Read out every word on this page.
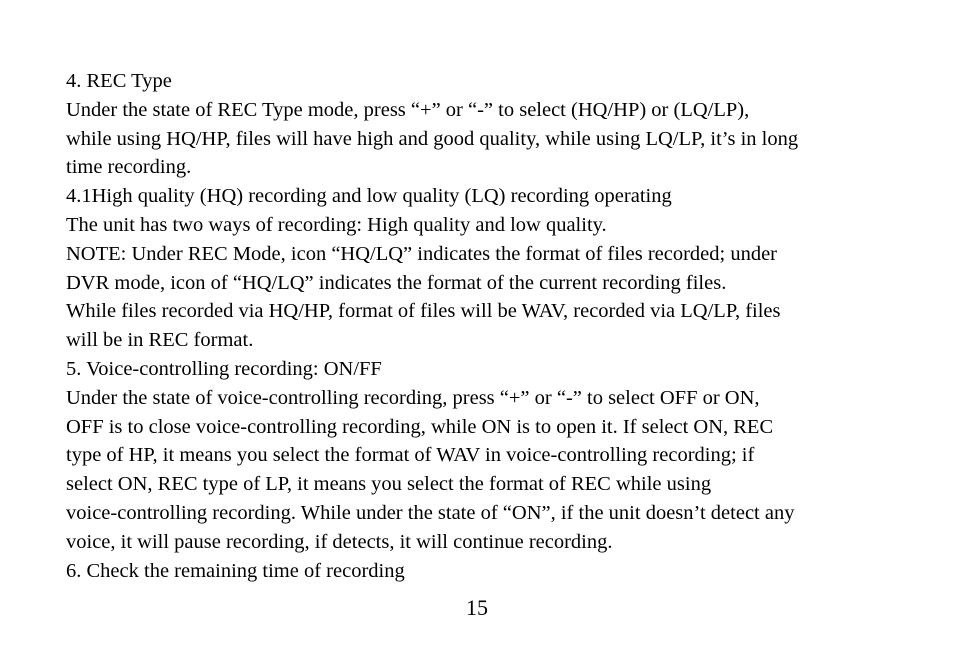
4. REC Type
Under the state of REC Type mode, press “+” or “-” to select (HQ/HP) or (LQ/LP),
while using HQ/HP, files will have high and good quality, while using LQ/LP, it’s in long
time recording.
4.1High quality (HQ) recording and low quality (LQ) recording operating
The unit has two ways of recording: High quality and low quality.
NOTE: Under REC Mode, icon “HQ/LQ” indicates the format of files recorded; under
DVR mode, icon of “HQ/LQ” indicates the format of the current recording files.
While files recorded via HQ/HP, format of files will be WAV, recorded via LQ/LP, files
will be in REC format.
5. Voice-controlling recording: ON/FF
Under the state of voice-controlling recording, press “+” or “-” to select OFF or ON,
OFF is to close voice-controlling recording, while ON is to open it. If select ON, REC
type of HP, it means you select the format of WAV in voice-controlling recording; if
select ON, REC type of LP, it means you select the format of REC while using
voice-controlling recording. While under the state of “ON”, if the unit doesn’t detect any
voice, it will pause recording, if detects, it will continue recording.
6. Check the remaining time of recording
15
